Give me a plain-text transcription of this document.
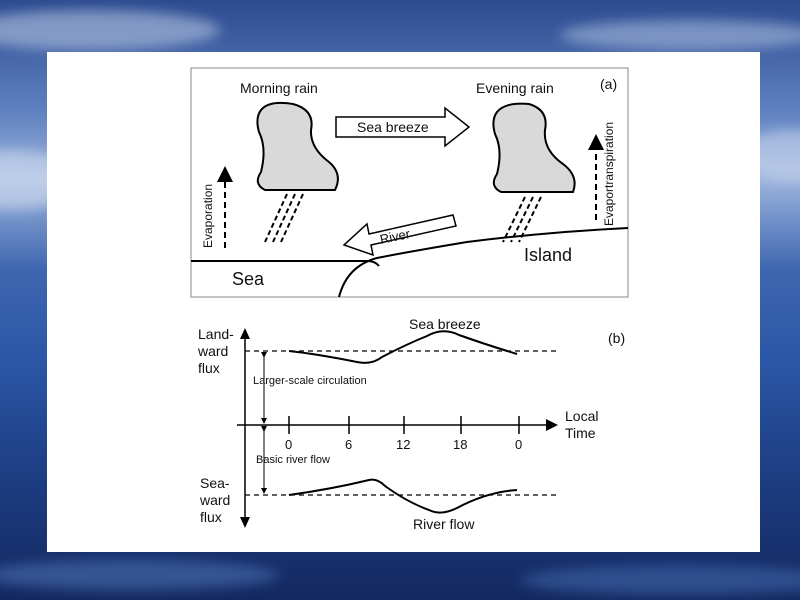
(a)
Morning rain	Evening rain
Sea breeze
Evaporation	Evaportranspiration
River
Island
Sea
(b)
0	6	12	18	0
Local
Time
Land-
ward
flux
Sea-
ward
flux
Larger-scale circulation
Basic river flow
Sea breeze
River flow
